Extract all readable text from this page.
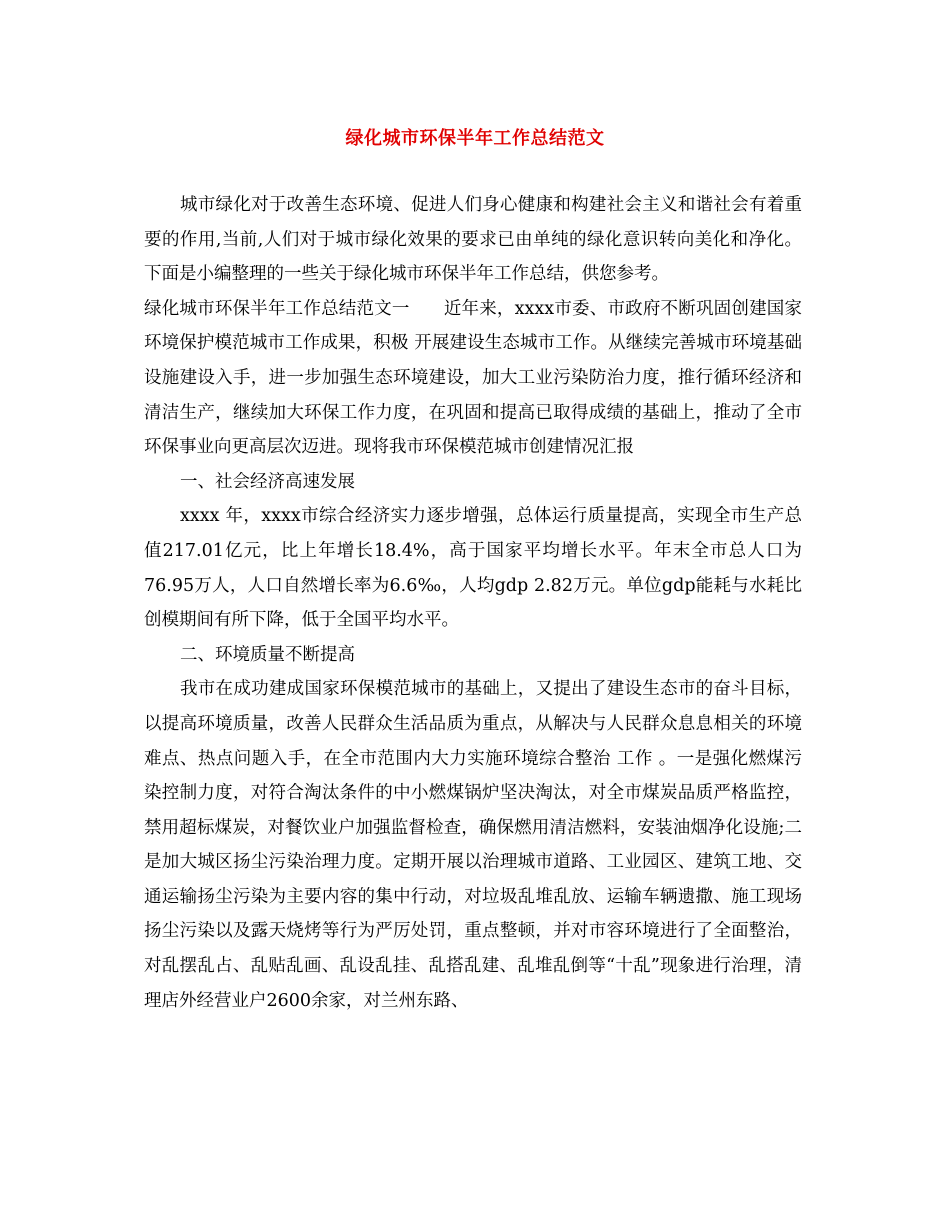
绿化城市环保半年工作总结范文

城市绿化对于改善生态环境、促进人们身心健康和构建社会主义和谐社会有着重要的作用,当前,人们对于城市绿化效果的要求已由单纯的绿化意识转向美化和净化。下面是小编整理的一些关于绿化城市环保半年工作总结，供您参考。

绿化城市环保半年工作总结范文一 近年来，xxxx市委、市政府不断巩固创建国家环境保护模范城市工作成果，积极 开展建设生态城市工作。从继续完善城市环境基础设施建设入手，进一步加强生态环境建设，加大工业污染防治力度，推行循环经济和清洁生产，继续加大环保工作力度，在巩固和提高已取得成绩的基础上，推动了全市环保事业向更高层次迈进。现将我市环保模范城市创建情况汇报

一、社会经济高速发展

xxxx 年，xxxx市综合经济实力逐步增强，总体运行质量提高，实现全市生产总值217.01亿元，比上年增长18.4%，高于国家平均增长水平。年末全市总人口为76.95万人，人口自然增长率为6.6‰，人均gdp 2.82万元。单位gdp能耗与水耗比创模期间有所下降，低于全国平均水平。

二、环境质量不断提高

我市在成功建成国家环保模范城市的基础上，又提出了建设生态市的奋斗目标，以提高环境质量，改善人民群众生活品质为重点，从解决与人民群众息息相关的环境难点、热点问题入手，在全市范围内大力实施环境综合整治 工作 。一是强化燃煤污染控制力度，对符合淘汰条件的中小燃煤锅炉坚决淘汰，对全市煤炭品质严格监控，禁用超标煤炭，对餐饮业户加强监督检查，确保燃用清洁燃料，安装油烟净化设施;二是加大城区扬尘污染治理力度。定期开展以治理城市道路、工业园区、建筑工地、交通运输扬尘污染为主要内容的集中行动，对垃圾乱堆乱放、运输车辆遗撒、施工现场扬尘污染以及露天烧烤等行为严厉处罚，重点整顿，并对市容环境进行了全面整治，对乱摆乱占、乱贴乱画、乱设乱挂、乱搭乱建、乱堆乱倒等“十乱”现象进行治理，清理店外经营业户2600余家，对兰州东路、
